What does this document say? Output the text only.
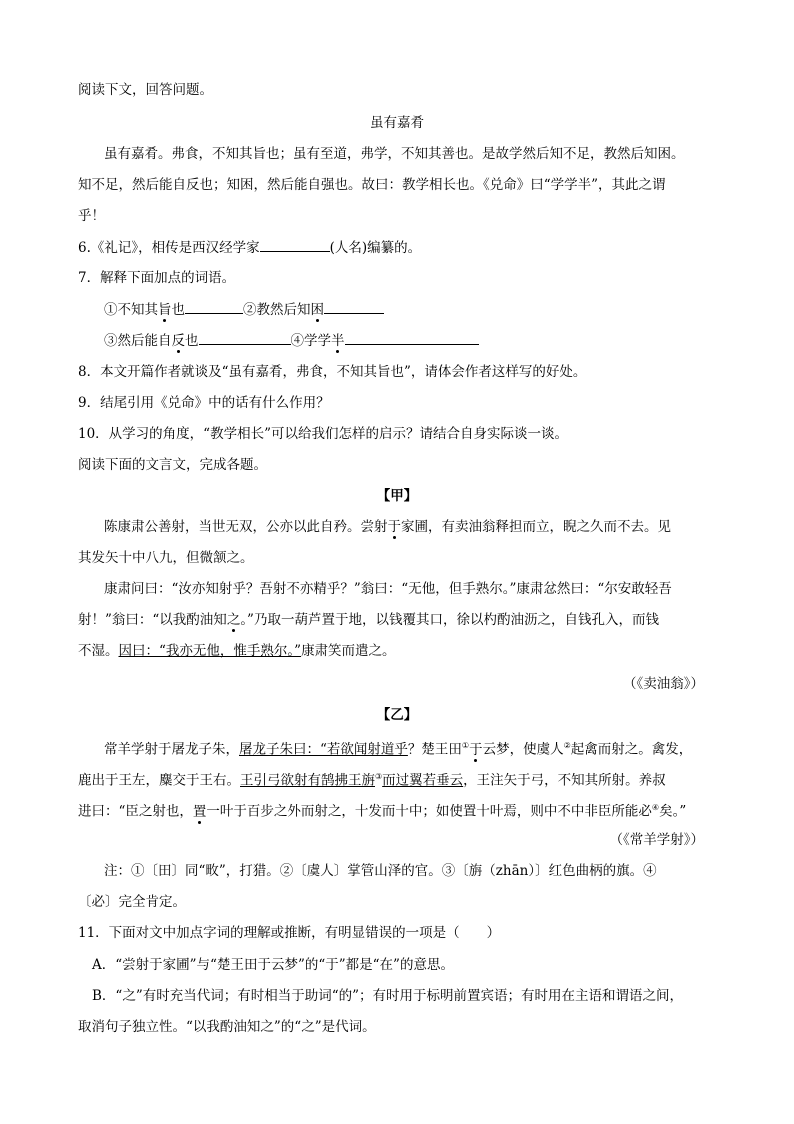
阅读下文，回答问题。
虽有嘉肴
虽有嘉肴。弗食，不知其旨也；虽有至道，弗学，不知其善也。是故学然后知不足，教然后知困。
知不足，然后能自反也；知困，然后能自强也。故曰：教学相长也。《兑命》曰“学学半”，其此之谓
乎！
6.《礼记》，相传是西汉经学家	(人名)编纂的。
7．解释下面加点的词语。
①不知其旨也	②教然后知困
③然后能自反也	④学学半
8．本文开篇作者就谈及“虽有嘉肴，弗食，不知其旨也”，请体会作者这样写的好处。
9．结尾引用《兑命》中的话有什么作用？
10．从学习的角度，“教学相长”可以给我们怎样的启示？请结合自身实际谈一谈。
阅读下面的文言文，完成各题。
【甲】
陈康肃公善射，当世无双，公亦以此自矜。尝射于家圃，有卖油翁释担而立，睨之久而不去。见
其发矢十中八九，但微颔之。
康肃问曰：“汝亦知射乎？吾射不亦精乎？”翁曰：“无他，但手熟尔。”康肃忿然曰：“尔安敢轻吾
射！”翁曰：“以我酌油知之。”乃取一葫芦置于地，以钱覆其口，徐以杓酌油沥之，自钱孔入，而钱
不湿。因曰：“我亦无他，惟手熟尔。”康肃笑而遣之。
（《卖油翁》）
【乙】
常羊学射于屠龙子朱，屠龙子朱曰：“若欲闻射道乎？楚王田①于云梦，使虞人②起禽而射之。禽发，
鹿出于王左，麋交于王右。王引弓欲射有鹄拂王旃③而过翼若垂云，王注矢于弓，不知其所射。养叔
进曰：“臣之射也，置一叶于百步之外而射之，十发而十中；如使置十叶焉，则中不中非臣所能必④矣。”
（《常羊学射》）
注：①〔田〕同“畋”，打猎。②〔虞人〕掌管山泽的官。③〔旃（zhān）〕红色曲柄的旗。④
〔必〕完全肯定。
11．下面对文中加点字词的理解或推断，有明显错误的一项是（　　）
A．“尝射于家圃”与“楚王田于云梦”的“于”都是“在”的意思。
B．“之”有时充当代词；有时相当于助词“的”；有时用于标明前置宾语；有时用在主语和谓语之间，
取消句子独立性。“以我酌油知之”的“之”是代词。
